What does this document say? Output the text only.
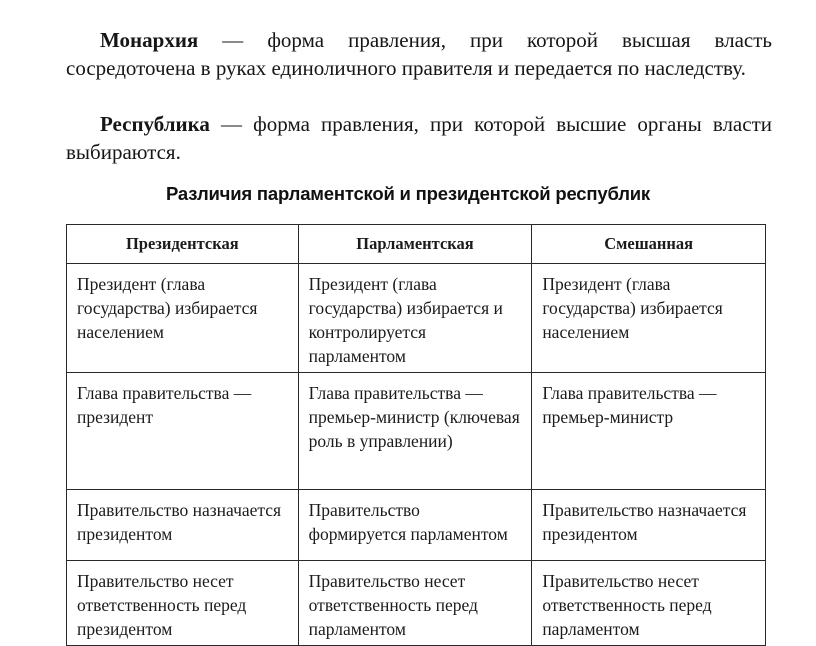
Монархия — форма правления, при которой высшая власть сосредоточена в руках единоличного правителя и передается по наследству.

Республика — форма правления, при которой высшие органы власти выбираются.

Различия парламентской и президентской республик
Президентская	Парламентская	Смешанная
Президент (глава государства) избирается населением	Президент (глава государства) избирается и контролируется парламентом	Президент (глава государства) избирается населением
Глава правительства — президент	Глава правительства — премьер-министр (ключевая роль в управлении)	Глава правительства — премьер-министр
Правительство назначается президентом	Правительство формируется парламентом	Правительство назначается президентом
Правительство несет ответственность перед президентом	Правительство несет ответственность перед парламентом	Правительство несет ответственность перед парламентом
